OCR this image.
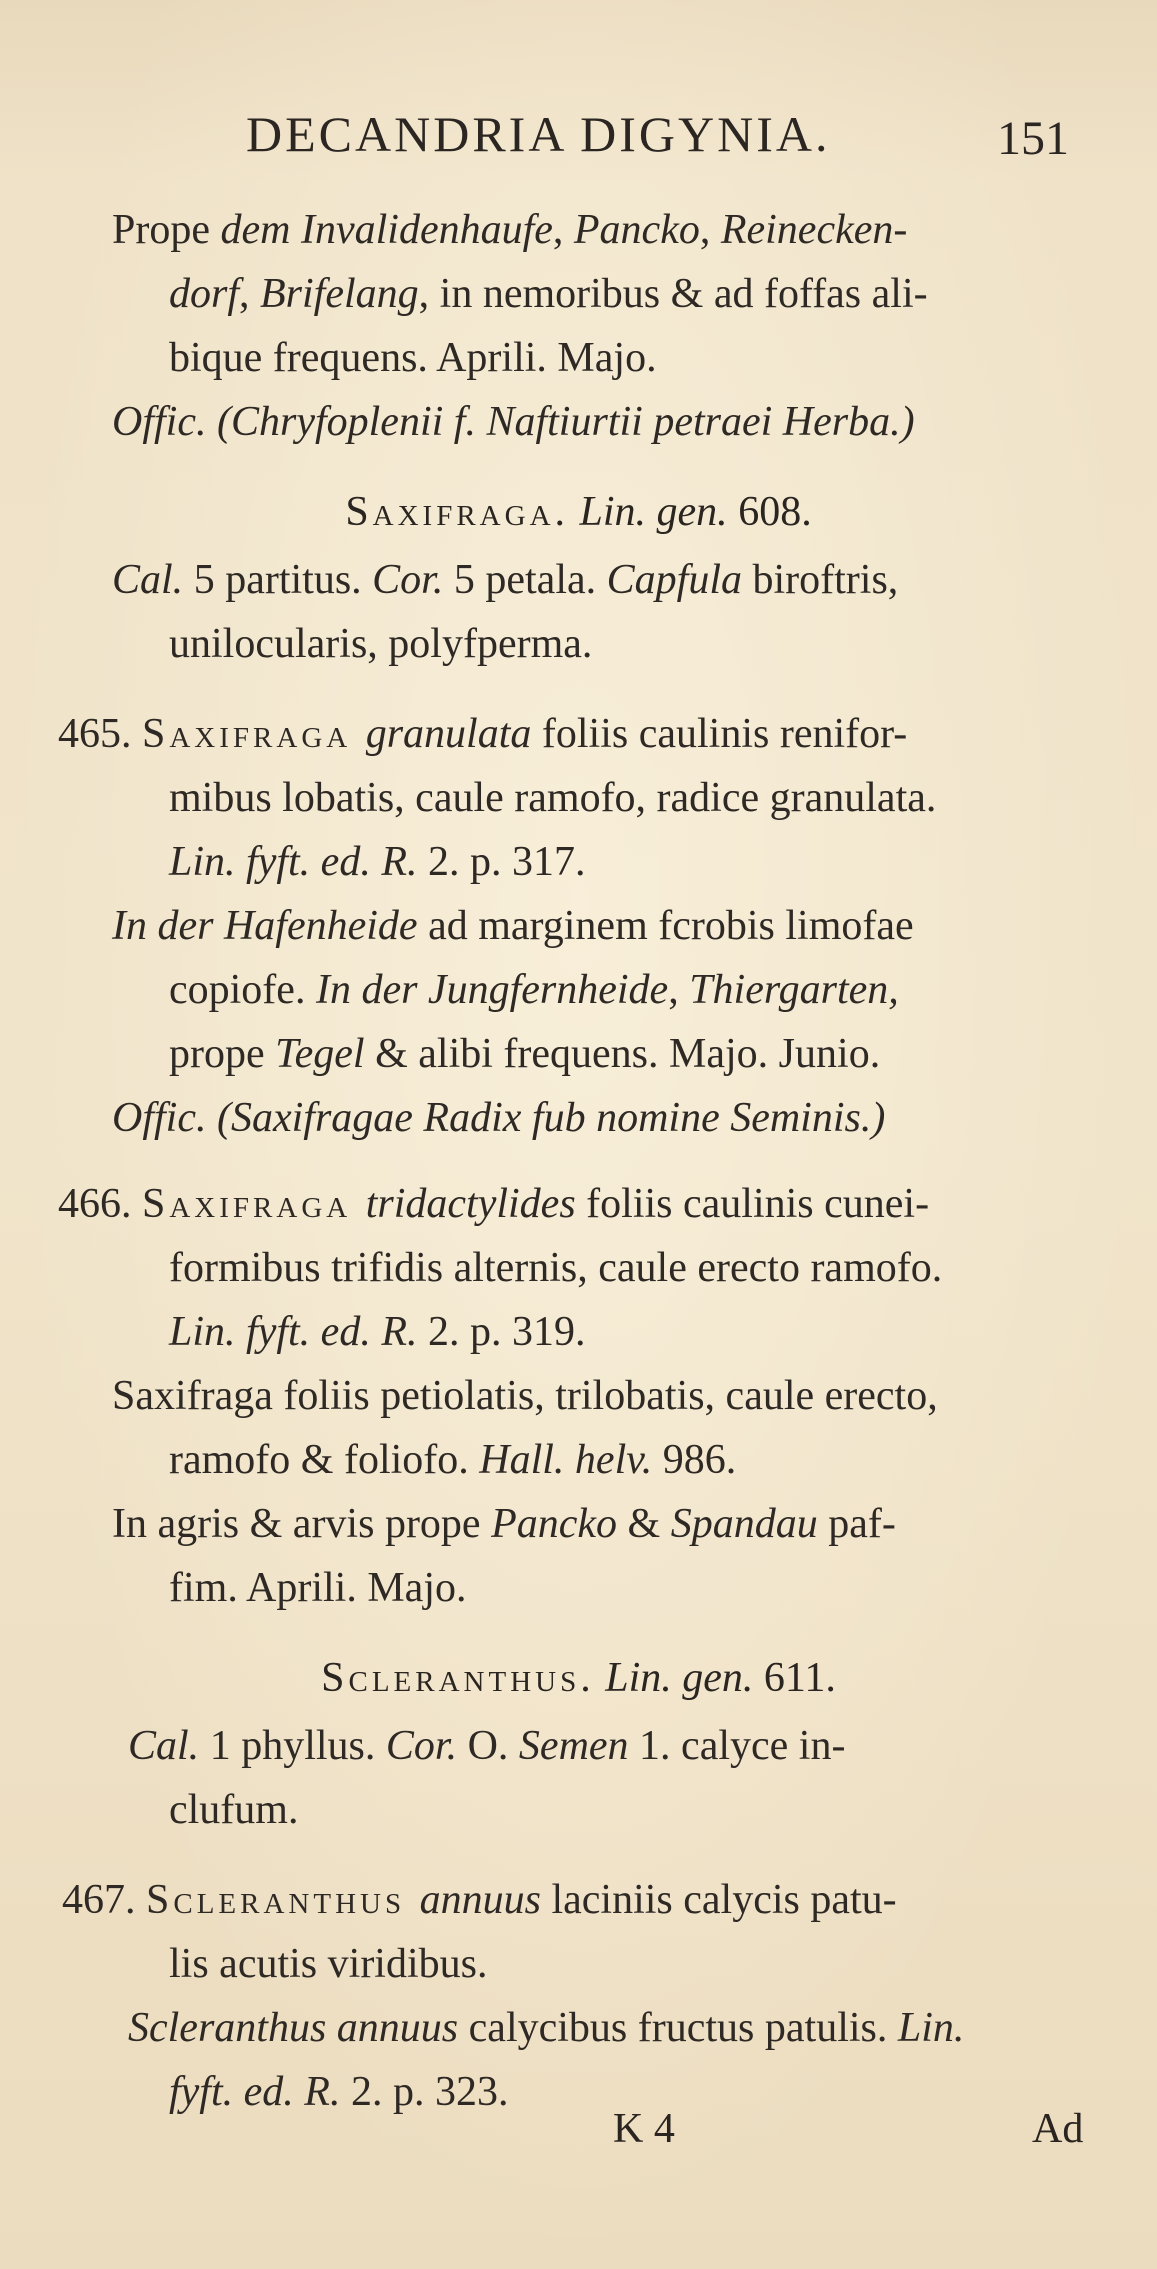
DECANDRIA DIGYNIA.	151
Prope dem Invalidenhaufe, Pancko, Reinecken-
dorf, Brifelang, in nemoribus & ad foffas ali-
bique frequens. Aprili. Majo.
Offic. (Chryfoplenii f. Naftiurtii petraei Herba.)
Saxifraga. Lin. gen. 608.
Cal. 5 partitus. Cor. 5 petala. Capfula biroftris,
unilocularis, polyfperma.
465. Saxifraga granulata foliis caulinis renifor-
mibus lobatis, caule ramofo, radice granulata.
Lin. fyft. ed. R. 2. p. 317.
In der Hafenheide ad marginem fcrobis limofae
copiofe. In der Jungfernheide, Thiergarten,
prope Tegel & alibi frequens. Majo. Junio.
Offic. (Saxifragae Radix fub nomine Seminis.)
466. Saxifraga tridactylides foliis caulinis cunei-
formibus trifidis alternis, caule erecto ramofo.
Lin. fyft. ed. R. 2. p. 319.
Saxifraga foliis petiolatis, trilobatis, caule erecto,
ramofo & foliofo. Hall. helv. 986.
In agris & arvis prope Pancko & Spandau paf-
fim. Aprili. Majo.
Scleranthus. Lin. gen. 611.
Cal. 1 phyllus. Cor. O. Semen 1. calyce in-
clufum.
467. Scleranthus annuus laciniis calycis patu-
lis acutis viridibus.
Scleranthus annuus calycibus fructus patulis. Lin.
fyft. ed. R. 2. p. 323.
K 4	Ad
